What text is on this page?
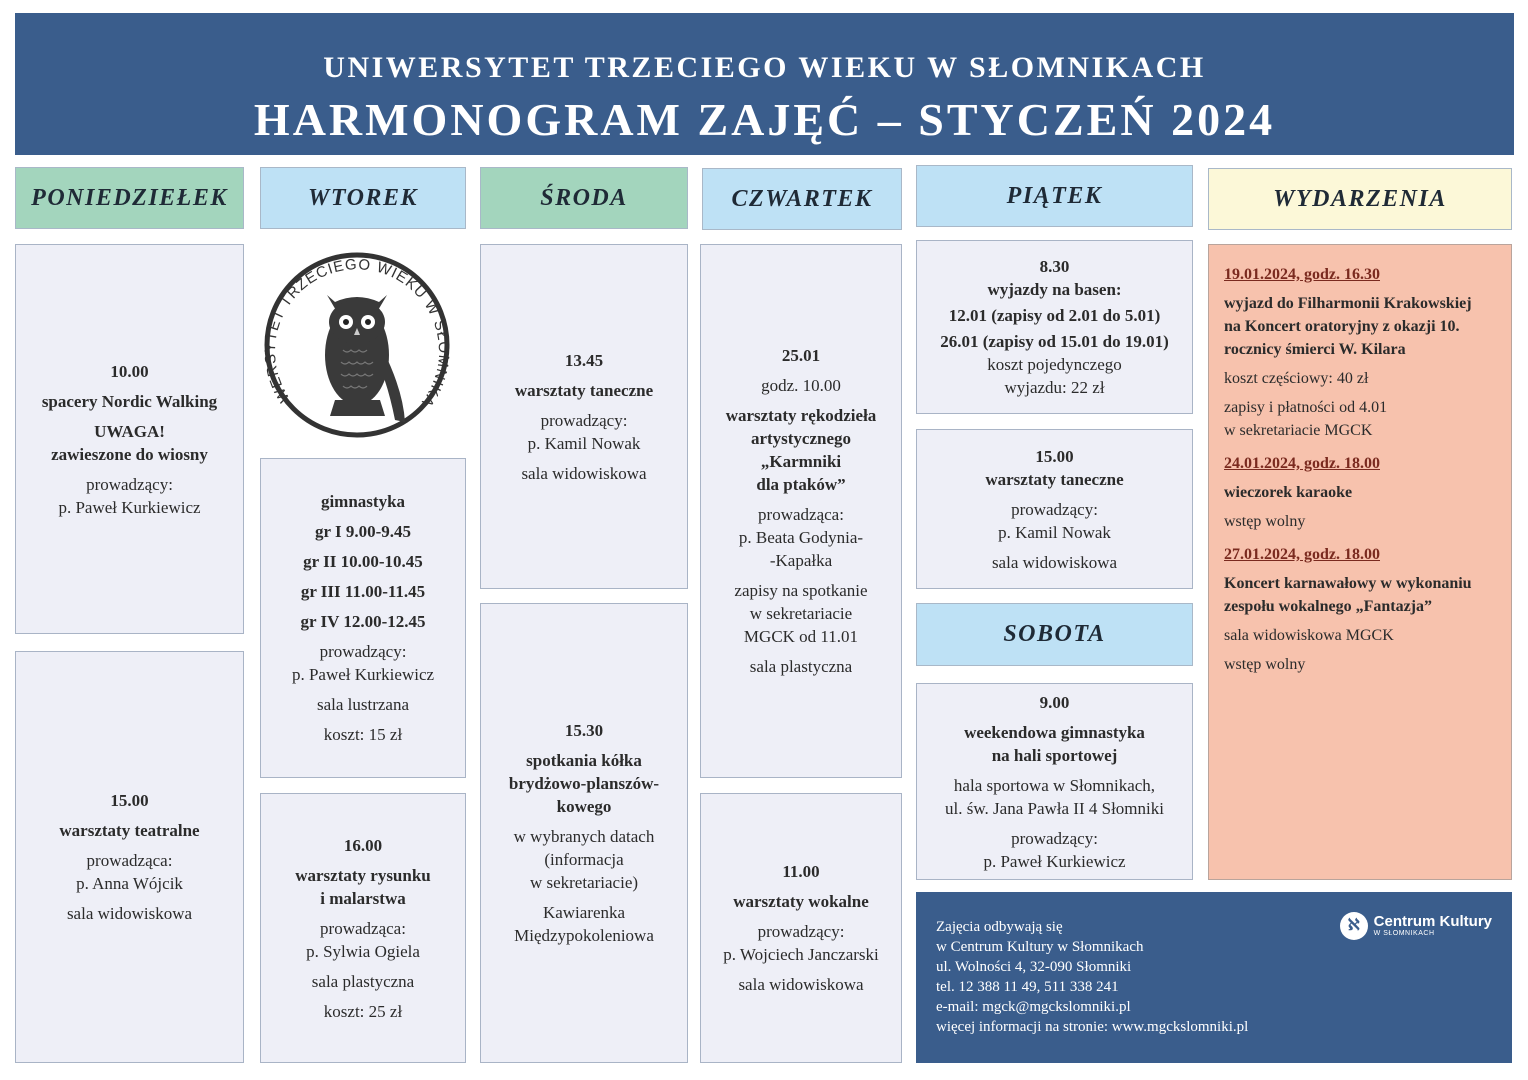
UNIWERSYTET TRZECIEGO WIEKU W SŁOMNIKACH
HARMONOGRAM ZAJĘĆ – STYCZEŃ 2024
PONIEDZIEŁEK	WTOREK	ŚRODA	CZWARTEK	PIĄTEK	WYDARZENIA
10.00
spacery Nordic Walking
UWAGA!
zawieszone do wiosny
prowadzący:
p. Paweł Kurkiewicz
15.00
warsztaty teatralne
prowadząca:
p. Anna Wójcik
sala widowiskowa
WERSYTET TRZECIEGO WIEKU W SŁOMNIKA
gimnastyka
gr I 9.00-9.45
gr II 10.00-10.45
gr III 11.00-11.45
gr IV 12.00-12.45
prowadzący:
p. Paweł Kurkiewicz
sala lustrzana
koszt: 15 zł
16.00
warsztaty rysunku
i malarstwa
prowadząca:
p. Sylwia Ogiela
sala plastyczna
koszt: 25 zł
13.45
warsztaty taneczne
prowadzący:
p. Kamil Nowak
sala widowiskowa
15.30
spotkania kółka
brydżowo-planszów-
kowego
w wybranych datach
(informacja
w sekretariacie)
Kawiarenka
Międzypokoleniowa
25.01
godz. 10.00
warsztaty rękodzieła
artystycznego
„Karmniki
dla ptaków”
prowadząca:
p. Beata Godynia-
-Kapałka
zapisy na spotkanie
w sekretariacie
MGCK od 11.01
sala plastyczna
11.00
warsztaty wokalne
prowadzący:
p. Wojciech Janczarski
sala widowiskowa
8.30
wyjazdy na basen:
12.01 (zapisy od 2.01 do 5.01)
26.01 (zapisy od 15.01 do 19.01)
koszt pojedynczego
wyjazdu: 22 zł
15.00
warsztaty taneczne
prowadzący:
p. Kamil Nowak
sala widowiskowa
SOBOTA
9.00
weekendowa gimnastyka
na hali sportowej
hala sportowa w Słomnikach,
ul. św. Jana Pawła II 4 Słomniki
prowadzący:
p. Paweł Kurkiewicz
19.01.2024, godz. 16.30
wyjazd do Filharmonii Krakowskiej
na Koncert oratoryjny z okazji 10.
rocznicy śmierci W. Kilara
koszt częściowy: 40 zł
zapisy i płatności od 4.01
w sekretariacie MGCK
24.01.2024, godz. 18.00
wieczorek karaoke
wstęp wolny
27.01.2024, godz. 18.00
Koncert karnawałowy w wykonaniu
zespołu wokalnego „Fantazja”
sala widowiskowa MGCK
wstęp wolny
Zajęcia odbywają się
w Centrum Kultury w Słomnikach
ul. Wolności 4, 32-090 Słomniki
tel. 12 388 11 49, 511 338 241
e-mail: mgck@mgckslomniki.pl
więcej informacji na stronie: www.mgckslomniki.pl
ℵ Centrum Kultury
W SŁOMNIKACH
